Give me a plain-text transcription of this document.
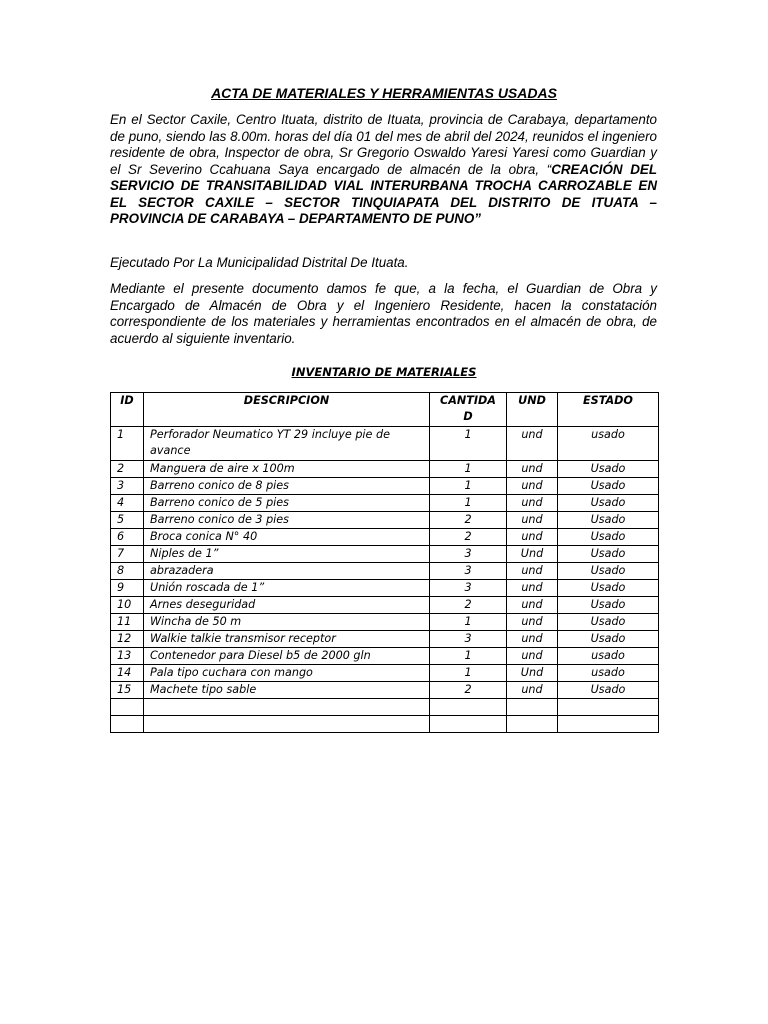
ACTA DE MATERIALES Y HERRAMIENTAS USADAS

En el Sector Caxile, Centro Ituata, distrito de Ituata, provincia de Carabaya, departamento de puno, siendo las 8.00m. horas del día 01 del mes de abril del 2024, reunidos el ingeniero residente de obra, Inspector de obra, Sr Gregorio Oswaldo Yaresi Yaresi como Guardian y el Sr Severino Ccahuana Saya encargado de almacén de la obra, “CREACIÓN DEL SERVICIO DE TRANSITABILIDAD VIAL INTERURBANA TROCHA CARROZABLE EN EL SECTOR CAXILE – SECTOR TINQUIAPATA DEL DISTRITO DE ITUATA – PROVINCIA DE CARABAYA – DEPARTAMENTO DE PUNO”

Ejecutado Por La Municipalidad Distrital De Ituata.

Mediante el presente documento damos fe que, a la fecha, el Guardian de Obra y Encargado de Almacén de Obra y el Ingeniero Residente, hacen la constatación correspondiente de los materiales y herramientas encontrados en el almacén de obra, de acuerdo al siguiente inventario.

INVENTARIO DE MATERIALES
ID	DESCRIPCION	CANTIDA D	UND	ESTADO
1	Perforador Neumatico YT 29 incluye pie de avance	1	und	usado
2	Manguera de aire x 100m	1	und	Usado
3	Barreno conico de 8 pies	1	und	Usado
4	Barreno conico de 5 pies	1	und	Usado
5	Barreno conico de 3 pies	2	und	Usado
6	Broca conica N° 40	2	und	Usado
7	Niples de 1”	3	Und	Usado
8	abrazadera	3	und	Usado
9	Unión roscada de 1”	3	und	Usado
10	Arnes deseguridad	2	und	Usado
11	Wincha de 50 m	1	und	Usado
12	Walkie talkie transmisor receptor	3	und	Usado
13	Contenedor para Diesel b5 de 2000 gln	1	und	usado
14	Pala tipo cuchara con mango	1	Und	usado
15	Machete tipo sable	2	und	Usado
